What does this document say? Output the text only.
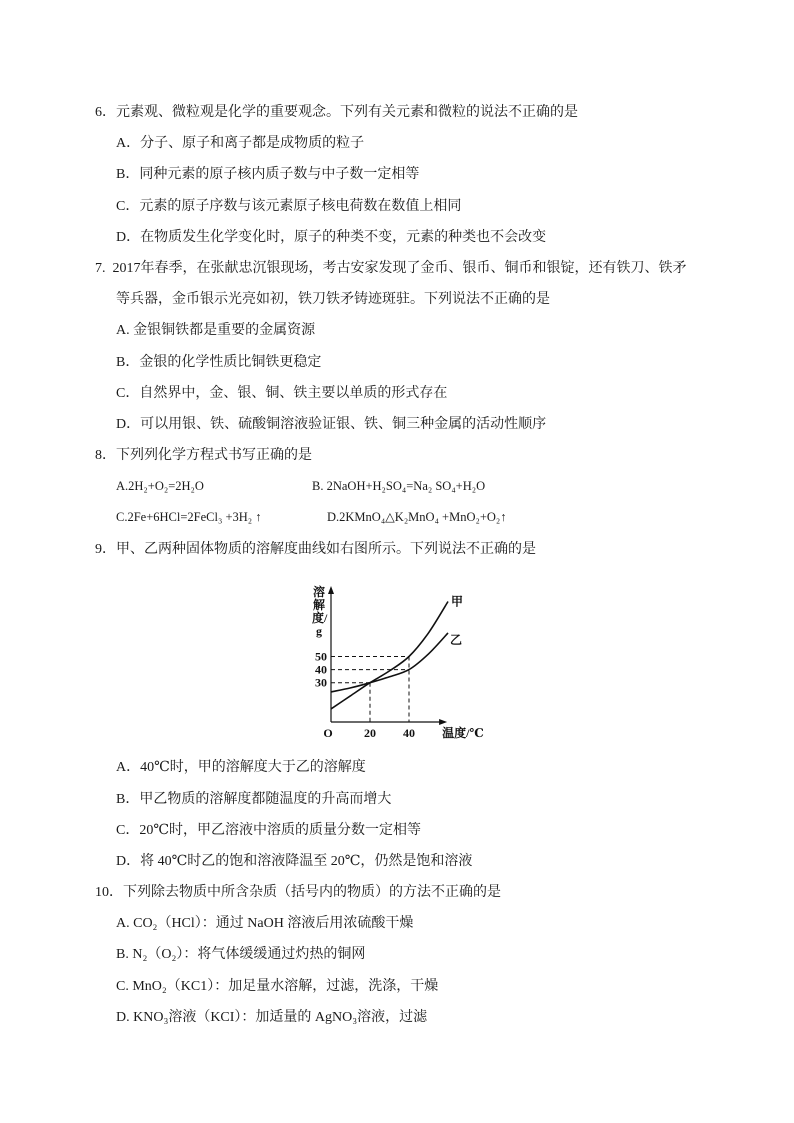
6．元素观、微粒观是化学的重要观念。下列有关元素和微粒的说法不正确的是
A．分子、原子和离子都是成物质的粒子
B．同种元素的原子核内质子数与中子数一定相等
C．元素的原子序数与该元素原子核电荷数在数值上相同
D．在物质发生化学变化时，原子的种类不变，元素的种类也不会改变
7.  2017年春季，在张献忠沉银现场，考古安家发现了金币、银币、铜币和银锭，还有铁刀、铁矛
等兵器，金币银示光亮如初，铁刀铁矛铸迹斑驻。下列说法不正确的是
A. 金银铜铁都是重要的金属资源
B．金银的化学性质比铜铁更稳定
C．自然界中，金、银、铜、铁主要以单质的形式存在
D．可以用银、铁、硫酸铜溶液验证银、铁、铜三种金属的活动性顺序
8．下列列化学方程式书写正确的是
A.2H₂+O₂=2H₂O	B. 2NaOH+H₂SO₄=Na₂ SO₄+H₂O
C.2Fe+6HCl=2FeCl₃ +3H₂ ↑	D.2KMnO₄△K₂MnO₄ +MnO₂+O₂↑
9．甲、乙两种固体物质的溶解度曲线如右图所示。下列说法不正确的是
甲
乙
50
40
30
20 40
O	温度/℃
溶解度/g
A．40℃时，甲的溶解度大于乙的溶解度
B．甲乙物质的溶解度都随温度的升高而增大
C．20℃时，甲乙溶液中溶质的质量分数一定相等
D．将 40℃时乙的饱和溶液降温至 20℃，仍然是饱和溶液
10．下列除去物质中所含杂质（括号内的物质）的方法不正确的是
A. CO₂（HCl）：通过 NaOH 溶液后用浓硫酸干燥
B. N₂（O₂）：将气体缓缓通过灼热的铜网
C. MnO₂（KC1）：加足量水溶解，过滤，洗涤，干燥
D. KNO₃溶液（KCI）：加适量的 AgNO₃溶液，过滤
